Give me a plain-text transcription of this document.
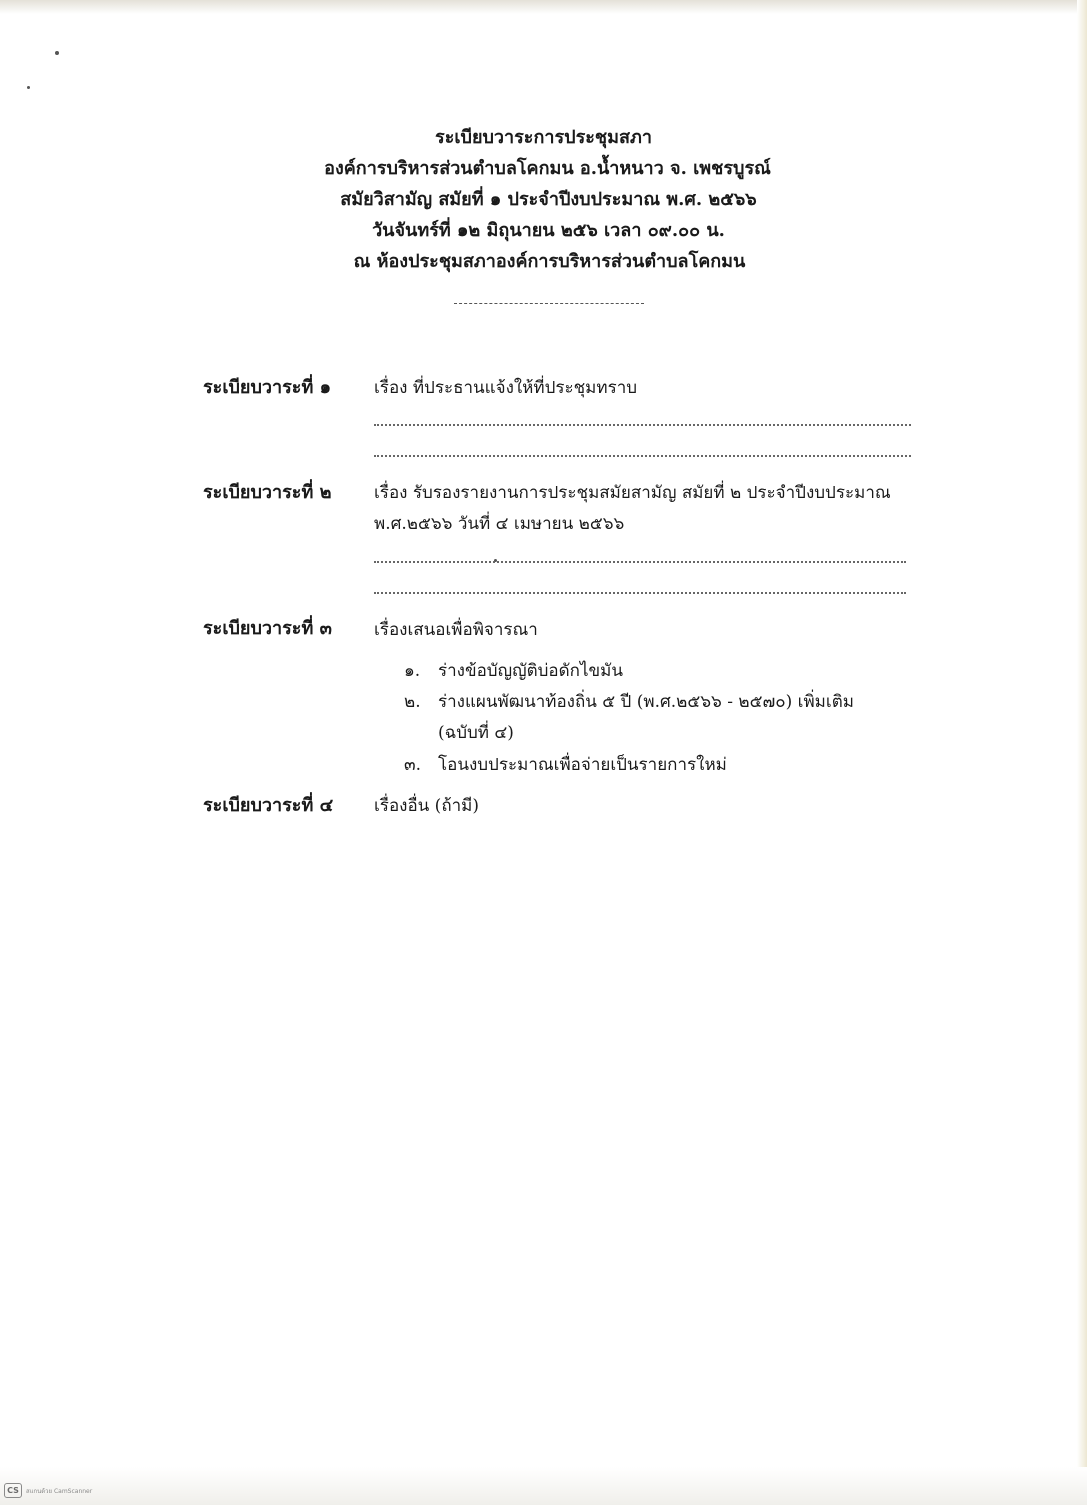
ระเบียบวาระการประชุมสภา
องค์การบริหารส่วนตำบลโคกมน อ.น้ำหนาว จ. เพชรบูรณ์
สมัยวิสามัญ สมัยที่ ๑ ประจำปีงบประมาณ พ.ศ. ๒๕๖๖
วันจันทร์ที่ ๑๒ มิถุนายน ๒๕๖ เวลา ๐๙.๐๐ น.
ณ ห้องประชุมสภาองค์การบริหารส่วนตำบลโคกมน
ระเบียบวาระที่ ๑	เรื่อง ที่ประธานแจ้งให้ที่ประชุมทราบ
ระเบียบวาระที่ ๒	เรื่อง รับรองรายงานการประชุมสมัยสามัญ สมัยที่ ๒ ประจำปีงบประมาณ
พ.ศ.๒๕๖๖ วันที่ ๔ เมษายน ๒๕๖๖
ระเบียบวาระที่ ๓ เรื่องเสนอเพื่อพิจารณา
๑. ร่างข้อบัญญัติบ่อดักไขมัน
๒. ร่างแผนพัฒนาท้องถิ่น ๕ ปี (พ.ศ.๒๕๖๖ - ๒๕๗๐) เพิ่มเติม
(ฉบับที่ ๔)
๓. โอนงบประมาณเพื่อจ่ายเป็นรายการใหม่
ระเบียบวาระที่ ๔ เรื่องอื่น (ถ้ามี)
CS	สแกนด้วย CamScanner
